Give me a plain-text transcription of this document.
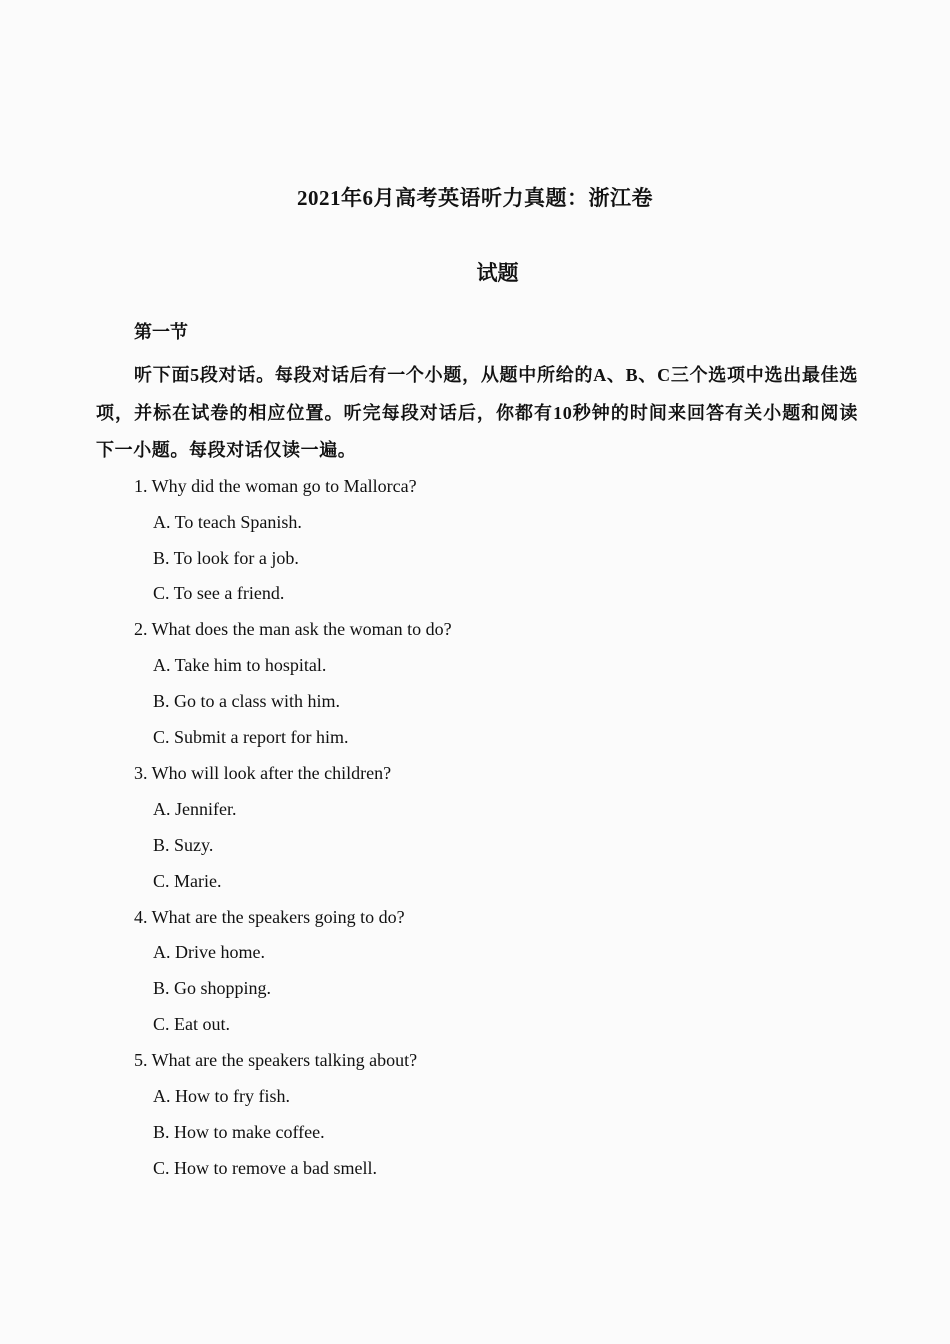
2021年6月高考英语听力真题：浙江卷
试题
第一节
听下面5段对话。每段对话后有一个小题，从题中所给的A、B、C三个选项中选出最佳选项，并标在试卷的相应位置。听完每段对话后，你都有10秒钟的时间来回答有关小题和阅读下一小题。每段对话仅读一遍。
1. Why did the woman go to Mallorca?
A. To teach Spanish.
B. To look for a job.
C. To see a friend.
2. What does the man ask the woman to do?
A. Take him to hospital.
B. Go to a class with him.
C. Submit a report for him.
3. Who will look after the children?
A. Jennifer.
B. Suzy.
C. Marie.
4. What are the speakers going to do?
A. Drive home.
B. Go shopping.
C. Eat out.
5. What are the speakers talking about?
A. How to fry fish.
B. How to make coffee.
C. How to remove a bad smell.
